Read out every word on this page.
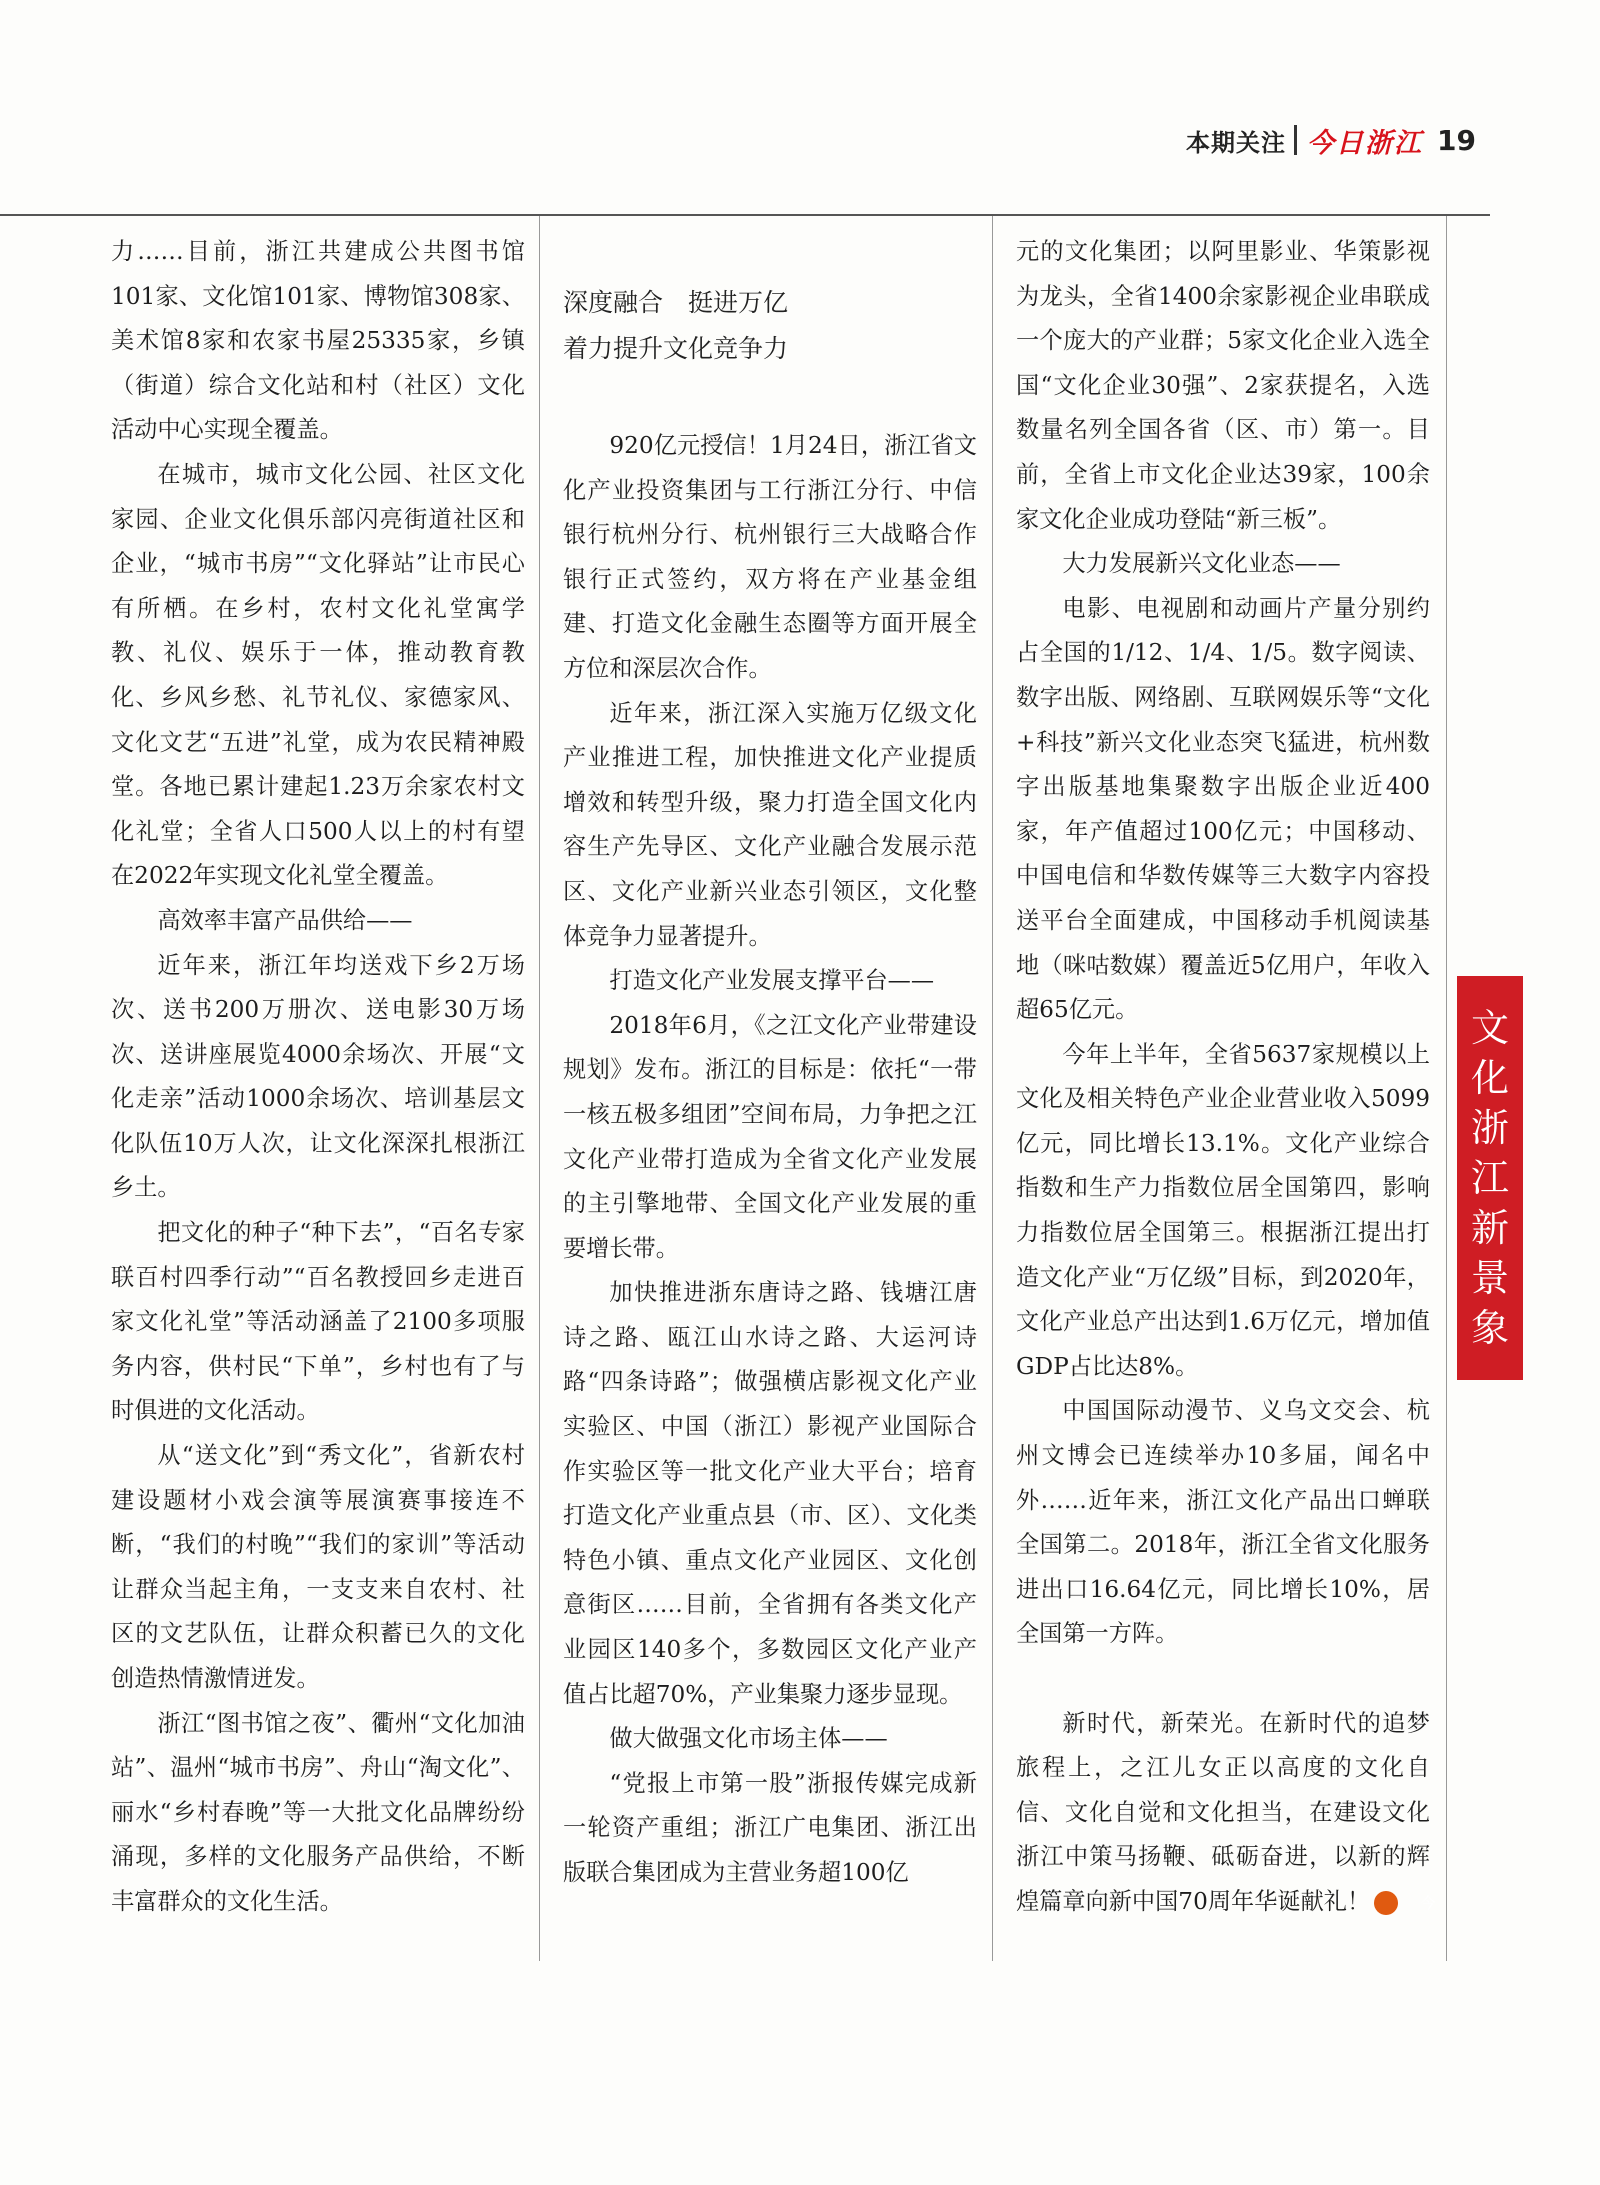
本期关注 今日浙江 19

力……目前，浙江共建成公共图书馆101家、文化馆101家、博物馆308家、美术馆8家和农家书屋25335家，乡镇（街道）综合文化站和村（社区）文化活动中心实现全覆盖。

在城市，城市文化公园、社区文化家园、企业文化俱乐部闪亮街道社区和企业，“城市书房”“文化驿站”让市民心有所栖。在乡村，农村文化礼堂寓学教、礼仪、娱乐于一体，推动教育教化、乡风乡愁、礼节礼仪、家德家风、文化文艺“五进”礼堂，成为农民精神殿堂。各地已累计建起1.23万余家农村文化礼堂；全省人口500人以上的村有望在2022年实现文化礼堂全覆盖。

高效率丰富产品供给——

近年来，浙江年均送戏下乡2万场次、送书200万册次、送电影30万场次、送讲座展览4000余场次、开展“文化走亲”活动1000余场次、培训基层文化队伍10万人次，让文化深深扎根浙江乡土。

把文化的种子“种下去”，“百名专家联百村四季行动”“百名教授回乡走进百家文化礼堂”等活动涵盖了2100多项服务内容，供村民“下单”，乡村也有了与时俱进的文化活动。

从“送文化”到“秀文化”，省新农村建设题材小戏会演等展演赛事接连不断，“我们的村晚”“我们的家训”等活动让群众当起主角，一支支来自农村、社区的文艺队伍，让群众积蓄已久的文化创造热情激情迸发。

浙江“图书馆之夜”、衢州“文化加油站”、温州“城市书房”、舟山“淘文化”、丽水“乡村春晚”等一大批文化品牌纷纷涌现，多样的文化服务产品供给，不断丰富群众的文化生活。

深度融合　挺进万亿
着力提升文化竞争力

920亿元授信！1月24日，浙江省文化产业投资集团与工行浙江分行、中信银行杭州分行、杭州银行三大战略合作银行正式签约，双方将在产业基金组建、打造文化金融生态圈等方面开展全方位和深层次合作。

近年来，浙江深入实施万亿级文化产业推进工程，加快推进文化产业提质增效和转型升级，聚力打造全国文化内容生产先导区、文化产业融合发展示范区、文化产业新兴业态引领区，文化整体竞争力显著提升。

打造文化产业发展支撑平台——

2018年6月，《之江文化产业带建设规划》发布。浙江的目标是：依托“一带一核五极多组团”空间布局，力争把之江文化产业带打造成为全省文化产业发展的主引擎地带、全国文化产业发展的重要增长带。

加快推进浙东唐诗之路、钱塘江唐诗之路、瓯江山水诗之路、大运河诗路“四条诗路”；做强横店影视文化产业实验区、中国（浙江）影视产业国际合作实验区等一批文化产业大平台；培育打造文化产业重点县（市、区）、文化类特色小镇、重点文化产业园区、文化创意街区……目前，全省拥有各类文化产业园区140多个，多数园区文化产业产值占比超70%，产业集聚力逐步显现。

做大做强文化市场主体——

“党报上市第一股”浙报传媒完成新一轮资产重组；浙江广电集团、浙江出版联合集团成为主营业务超100亿

元的文化集团；以阿里影业、华策影视为龙头，全省1400余家影视企业串联成一个庞大的产业群；5家文化企业入选全国“文化企业30强”、2家获提名，入选数量名列全国各省（区、市）第一。目前，全省上市文化企业达39家，100余家文化企业成功登陆“新三板”。

大力发展新兴文化业态——

电影、电视剧和动画片产量分别约占全国的1/12、1/4、1/5。数字阅读、数字出版、网络剧、互联网娱乐等“文化+科技”新兴文化业态突飞猛进，杭州数字出版基地集聚数字出版企业近400家，年产值超过100亿元；中国移动、中国电信和华数传媒等三大数字内容投送平台全面建成，中国移动手机阅读基地（咪咕数媒）覆盖近5亿用户，年收入超65亿元。

今年上半年，全省5637家规模以上文化及相关特色产业企业营业收入5099亿元，同比增长13.1%。文化产业综合指数和生产力指数位居全国第四，影响力指数位居全国第三。根据浙江提出打造文化产业“万亿级”目标，到2020年，文化产业总产出达到1.6万亿元，增加值GDP占比达8%。

中国国际动漫节、义乌文交会、杭州文博会已连续举办10多届，闻名中外……近年来，浙江文化产品出口蝉联全国第二。2018年，浙江全省文化服务进出口16.64亿元，同比增长10%，居全国第一方阵。

新时代，新荣光。在新时代的追梦旅程上，之江儿女正以高度的文化自信、文化自觉和文化担当，在建设文化浙江中策马扬鞭、砥砺奋进，以新的辉煌篇章向新中国70周年华诞献礼！	今

文
化
浙
江
新
景
象
